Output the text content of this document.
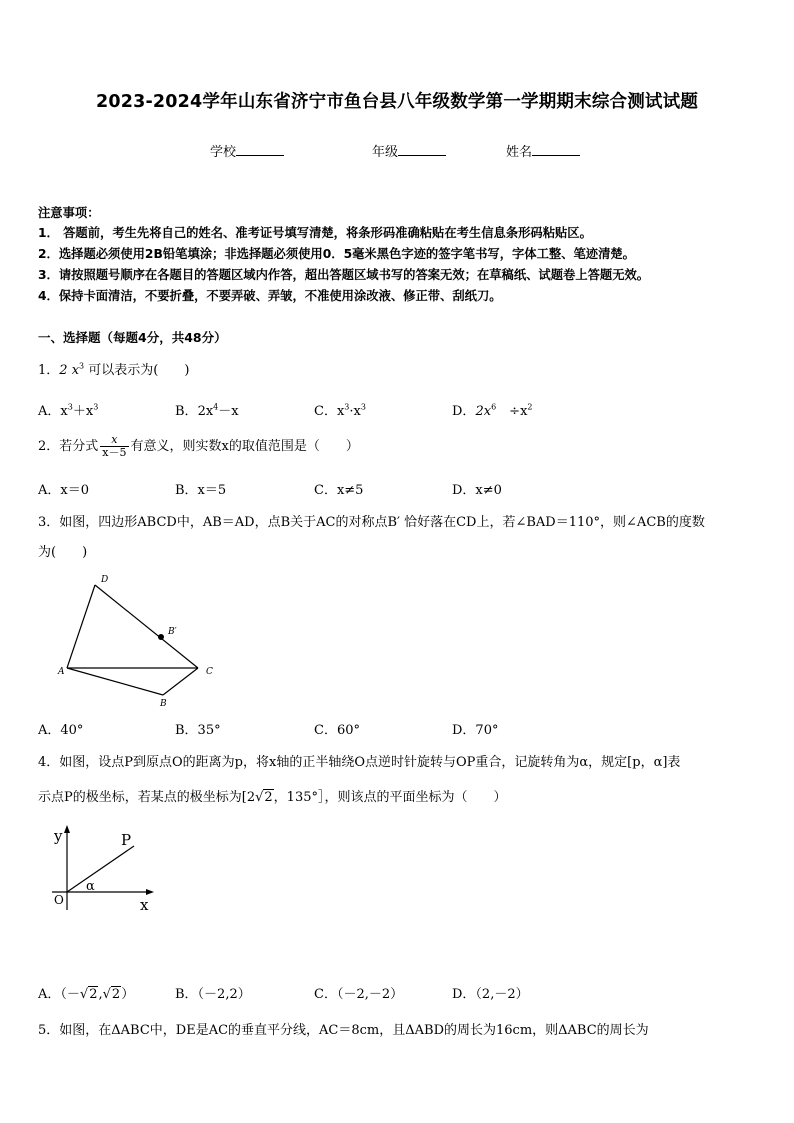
2023-2024学年山东省济宁市鱼台县八年级数学第一学期期末综合测试试题
学校	年级	姓名
注意事项：
1． 答题前，考生先将自己的姓名、准考证号填写清楚，将条形码准确粘贴在考生信息条形码粘贴区。
2．选择题必须使用2B铅笔填涂；非选择题必须使用0．5毫米黑色字迹的签字笔书写，字体工整、笔迹清楚。
3．请按照题号顺序在各题目的答题区域内作答，超出答题区域书写的答案无效；在草稿纸、试题卷上答题无效。
4．保持卡面清洁，不要折叠，不要弄破、弄皱，不准使用涂改液、修正带、刮纸刀。
一、选择题（每题4分，共48分）
1．2 $x^3$ 可以表示为(　　)
A．$x^3+x^3$	B．$2x^4-x$	C．$x^3\cdot x^3$	D．$2x^6$　 $\div x^2$
2．若分式 $\frac{x}{x-5}$ 有意义，则实数x的取值范围是（　　）
A．x＝0	B．x＝5	C．x≠5	D．x≠0
3．如图，四边形ABCD中，AB＝AD，点B关于AC的对称点B′ 恰好落在CD上，若∠BAD＝110°，则∠ACB的度数
为(　　)
D
A	C
B
B′
A．40°	B．35°	C．60°	D．70°
4．如图，设点P到原点O的距离为p，将x轴的正半轴绕O点逆时针旋转与OP重合，记旋转角为α，规定[p，α]表
示点P的极坐标，若某点的极坐标为[2√2，135°］，则该点的平面坐标为（　　）
y
x
O
P
α
A．（－√2,√2）	B．（－2,2）	C．（－2,－2）	D．（2,－2）
5．如图，在ΔABC中，DE是AC的垂直平分线，AC＝8cm，且ΔABD的周长为16cm，则ΔABC的周长为
